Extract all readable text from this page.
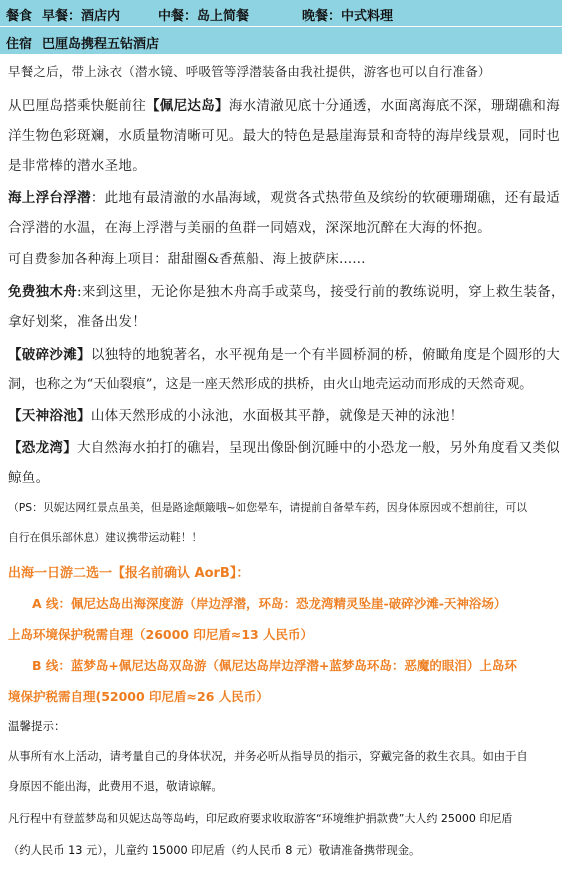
餐食 早餐：酒店内	中餐：岛上简餐	晚餐：中式料理
住宿 巴厘岛携程五钻酒店
早餐之后，带上泳衣（潜水镜、呼吸管等浮潜装备由我社提供，游客也可以自行准备）
从巴厘岛搭乘快艇前往【佩尼达岛】海水清澈见底十分通透，水面离海底不深，珊瑚礁和海
洋生物色彩斑斓，水质量物清晰可见。最大的特色是悬崖海景和奇特的海岸线景观，同时也
是非常棒的潜水圣地。
海上浮台浮潜：此地有最清澈的水晶海域，观赏各式热带鱼及缤纷的软硬珊瑚礁，还有最适
合浮潜的水温，在海上浮潜与美丽的鱼群一同嬉戏，深深地沉醉在大海的怀抱。
可自费参加各种海上项目：甜甜圈&香蕉船、海上披萨床......
免费独木舟:来到这里，无论你是独木舟高手或菜鸟，接受行前的教练说明，穿上救生装备，
拿好划桨，准备出发！
【破碎沙滩】以独特的地貌著名，水平视角是一个有半圆桥洞的桥，俯瞰角度是个圆形的大
洞，也称之为“天仙裂痕”，这是一座天然形成的拱桥，由火山地壳运动而形成的天然奇观。
【天神浴池】山体天然形成的小泳池，水面极其平静，就像是天神的泳池！
【恐龙湾】大自然海水拍打的礁岩，呈现出像卧倒沉睡中的小恐龙一般，另外角度看又类似
鲸鱼。
（PS：贝妮达网红景点虽美，但是路途颠簸哦~如您晕车，请提前自备晕车药，因身体原因或不想前往，可以
自行在俱乐部休息）建议携带运动鞋！！
出海一日游二选一【报名前确认 AorB】：
A 线：佩尼达岛出海深度游（岸边浮潜，环岛：恐龙湾精灵坠崖-破碎沙滩-天神浴场）
上岛环境保护税需自理（26000 印尼盾≈13 人民币）
B 线：蓝梦岛+佩尼达岛双岛游（佩尼达岛岸边浮潜+蓝梦岛环岛：恶魔的眼泪）上岛环
境保护税需自理(52000 印尼盾≈26 人民币）
温馨提示：
从事所有水上活动，请考量自己的身体状况，并务必听从指导员的指示，穿戴完备的救生衣具。如由于自
身原因不能出海，此费用不退，敬请谅解。
凡行程中有登蓝梦岛和贝妮达岛等岛屿，印尼政府要求收取游客“环境维护捐款费”大人约 25000 印尼盾
（约人民币 13 元），儿童约 15000 印尼盾（约人民币 8 元）敬请准备携带现金。
